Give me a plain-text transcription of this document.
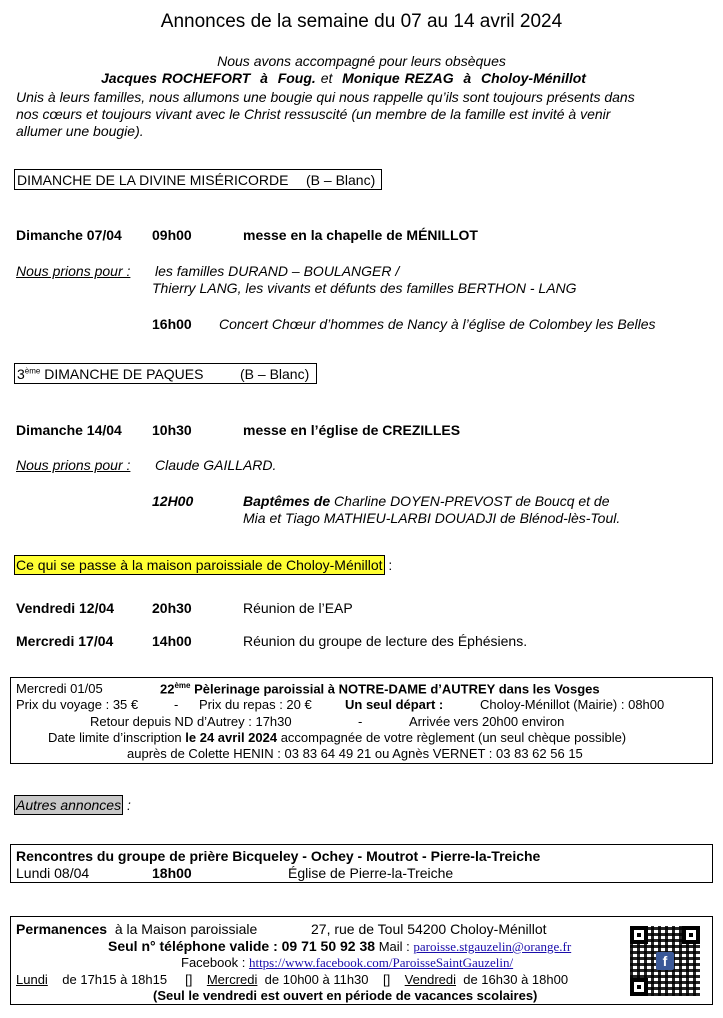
Annonces de la semaine du 07 au 14 avril 2024
Nous avons accompagné pour leurs obsèques
Jacques ROCHEFORT à Foug. et Monique REZAG à Choloy-Ménillot
Unis à leurs familles, nous allumons une bougie qui nous rappelle qu’ils sont toujours présents dans
nos cœurs et toujours vivant avec le Christ ressuscité (un membre de la famille est invité à venir
allumer une bougie).
DIMANCHE DE LA DIVINE MISÉRICORDE (B – Blanc)
Dimanche 07/04 09h00	messe en la chapelle de MÉNILLOT
Nous prions pour : les familles DURAND – BOULANGER /
Thierry LANG, les vivants et défunts des familles BERTHON - LANG
16h00 Concert Chœur d’hommes de Nancy à l’église de Colombey les Belles
3ème DIMANCHE DE PAQUES	(B – Blanc)
Dimanche 14/04 10h30	messe en l’église de CREZILLES
Nous prions pour : Claude GAILLARD.
12H00	Baptêmes de Charline DOYEN-PREVOST de Boucq et de
Mia et Tiago MATHIEU-LARBI DOUADJI de Blénod-lès-Toul.
Ce qui se passe à la maison paroissiale de Choloy-Ménillot :
Vendredi 12/04	20h30	Réunion de l’EAP
Mercredi 17/04	14h00	Réunion du groupe de lecture des Éphésiens.
Mercredi 01/05	22ème Pèlerinage paroissial à NOTRE-DAME d’AUTREY dans les Vosges
Prix du voyage : 35 €	- Prix du repas : 20 €	Un seul départ :	Choloy-Ménillot (Mairie) : 08h00
Retour depuis ND d’Autrey : 17h30	-	Arrivée vers 20h00 environ
Date limite d’inscription le 24 avril 2024 accompagnée de votre règlement (un seul chèque possible)
auprès de Colette HENIN : 03 83 64 49 21 ou Agnès VERNET : 03 83 62 56 15
Autres annonces :
Rencontres du groupe de prière Bicqueley - Ochey - Moutrot - Pierre-la-Treiche
Lundi 08/04	18h00	Église de Pierre-la-Treiche
Permanences à la Maison paroissiale	27, rue de Toul 54200 Choloy-Ménillot
Seul n° téléphone valide : 09 71 50 92 38 Mail : paroisse.stgauzelin@orange.fr
Facebook : https://www.facebook.com/ParoisseSaintGauzelin/
Lundi de 17h15 à 18h15 [] Mercredi de 10h00 à 11h30 [] Vendredi de 16h30 à 18h00
(Seul le vendredi est ouvert en période de vacances scolaires)
f
